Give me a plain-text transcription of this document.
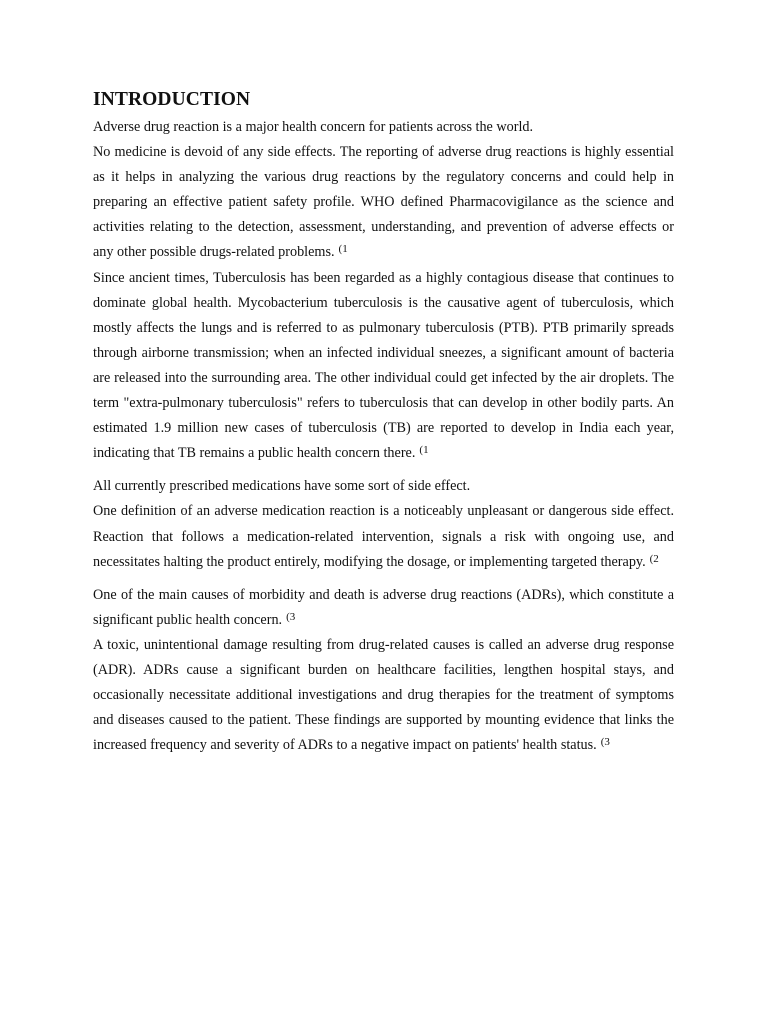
INTRODUCTION

Adverse drug reaction is a major health concern for patients across the world.

No medicine is devoid of any side effects. The reporting of adverse drug reactions is highly essential as it helps in analyzing the various drug reactions by the regulatory concerns and could help in preparing an effective patient safety profile. WHO defined Pharmacovigilance as the science and activities relating to the detection, assessment, understanding, and prevention of adverse effects or any other possible drugs-related problems. $^{(1}$

Since ancient times, Tuberculosis has been regarded as a highly contagious disease that continues to dominate global health. Mycobacterium tuberculosis is the causative agent of tuberculosis, which mostly affects the lungs and is referred to as pulmonary tuberculosis (PTB). PTB primarily spreads through airborne transmission; when an infected individual sneezes, a significant amount of bacteria are released into the surrounding area. The other individual could get infected by the air droplets. The term "extra-pulmonary tuberculosis" refers to tuberculosis that can develop in other bodily parts. An estimated 1.9 million new cases of tuberculosis (TB) are reported to develop in India each year, indicating that TB remains a public health concern there. $^{(1}$

All currently prescribed medications have some sort of side effect.

One definition of an adverse medication reaction is a noticeably unpleasant or dangerous side effect. Reaction that follows a medication-related intervention, signals a risk with ongoing use, and necessitates halting the product entirely, modifying the dosage, or implementing targeted therapy. $^{(2}$

One of the main causes of morbidity and death is adverse drug reactions (ADRs), which constitute a significant public health concern. $^{(3}$

A toxic, unintentional damage resulting from drug-related causes is called an adverse drug response (ADR). ADRs cause a significant burden on healthcare facilities, lengthen hospital stays, and occasionally necessitate additional investigations and drug therapies for the treatment of symptoms and diseases caused to the patient. These findings are supported by mounting evidence that links the increased frequency and severity of ADRs to a negative impact on patients' health status. $^{(3}$
